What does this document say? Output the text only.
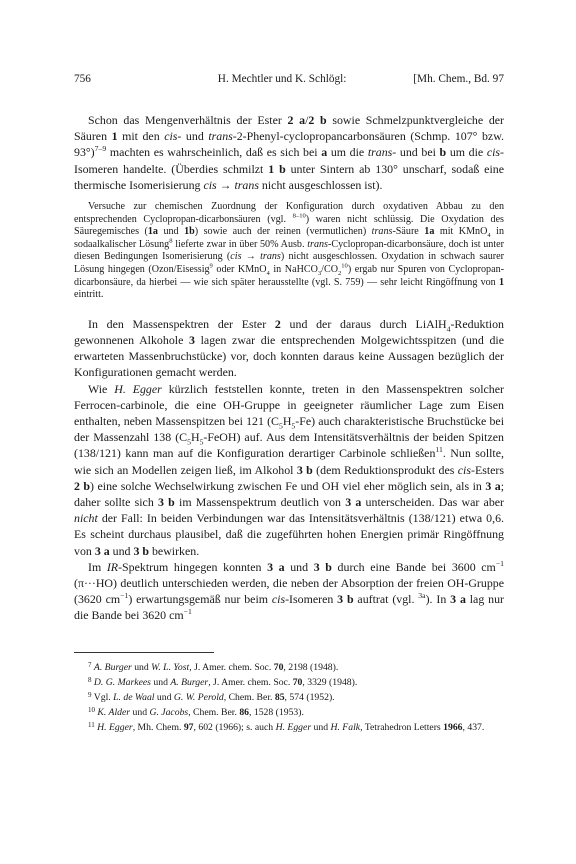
756	H. Mechtler und K. Schlögl:	[Mh. Chem., Bd. 97

Schon das Mengenverhältnis der Ester 2 a/2 b sowie Schmelzpunktvergleiche der Säuren 1 mit den cis- und trans-2-Phenyl-cyclopropancarbonsäuren (Schmp. 107° bzw. 93°)$^{7-9}$ machten es wahrscheinlich, daß es sich bei a um die trans- und bei b um die cis-Isomeren handelte. (Überdies schmilzt 1 b unter Sintern ab 130° unscharf, sodaß eine thermische Isomerisierung cis → trans nicht ausgeschlossen ist).

Versuche zur chemischen Zuordnung der Konfiguration durch oxydativen Abbau zu den entsprechenden Cyclopropan-dicarbonsäuren (vgl. $^{8-10}$) waren nicht schlüssig. Die Oxydation des Säuregemisches (1a und 1b) sowie auch der reinen (vermutlichen) trans-Säure 1a mit KMnO$_4$ in sodaalkalischer Lösung$^8$ lieferte zwar in über 50% Ausb. trans-Cyclopropan-dicarbonsäure, doch ist unter diesen Bedingungen Isomerisierung (cis → trans) nicht ausgeschlossen. Oxydation in schwach saurer Lösung hingegen (Ozon/Eisessig$^9$ oder KMnO$_4$ in $NaHCO_3/CO_2^{10}$) ergab nur Spuren von Cyclopropan-dicarbonsäure, da hierbei — wie sich später herausstellte (vgl. S. 759) — sehr leicht Ringöffnung von 1 eintritt.

In den Massenspektren der Ester 2 und der daraus durch LiAlH$_4$-Reduktion gewonnenen Alkohole 3 lagen zwar die entsprechenden Molgewichtsspitzen (und die erwarteten Massenbruchstücke) vor, doch konnten daraus keine Aussagen bezüglich der Konfigurationen gemacht werden.

Wie H. Egger kürzlich feststellen konnte, treten in den Massenspektren solcher Ferrocen-carbinole, die eine OH-Gruppe in geeigneter räumlicher Lage zum Eisen enthalten, neben Massenspitzen bei 121 $(C_5H_5-Fe)$ auch charakteristische Bruchstücke bei der Massenzahl 138 $(C_5H_5-FeOH)$ auf. Aus dem Intensitätsverhältnis der beiden Spitzen (138/121) kann man auf die Konfiguration derartiger Carbinole schließen$^{11}$. Nun sollte, wie sich an Modellen zeigen ließ, im Alkohol 3 b (dem Reduktionsprodukt des cis-Esters 2 b) eine solche Wechselwirkung zwischen Fe und OH viel eher möglich sein, als in 3 a; daher sollte sich 3 b im Massenspektrum deutlich von 3 a unterscheiden. Das war aber nicht der Fall: In beiden Verbindungen war das Intensitätsverhältnis (138/121) etwa 0,6. Es scheint durchaus plausibel, daß die zugeführten hohen Energien primär Ringöffnung von 3 a und 3 b bewirken.

Im IR-Spektrum hingegen konnten 3 a und 3 b durch eine Bande bei 3600 $cm^{-1}$ (π···HO) deutlich unterschieden werden, die neben der Absorption der freien OH-Gruppe (3620 $cm^{-1}$) erwartungsgemäß nur beim cis-Isomeren 3 b auftrat (vgl. $^{3a}$). In 3 a lag nur die Bande bei 3620 $cm^{-1}$

$^7$ A. Burger und W. L. Yost, J. Amer. chem. Soc. 70, 2198 (1948).

$^8$ D. G. Markees und A. Burger, J. Amer. chem. Soc. 70, 3329 (1948).

$^9$ Vgl. L. de Waal und G. W. Perold, Chem. Ber. 85, 574 (1952).

$^{10}$ K. Alder und G. Jacobs, Chem. Ber. 86, 1528 (1953).

$^{11}$ H. Egger, Mh. Chem. 97, 602 (1966); s. auch H. Egger und H. Falk, Tetrahedron Letters 1966, 437.
